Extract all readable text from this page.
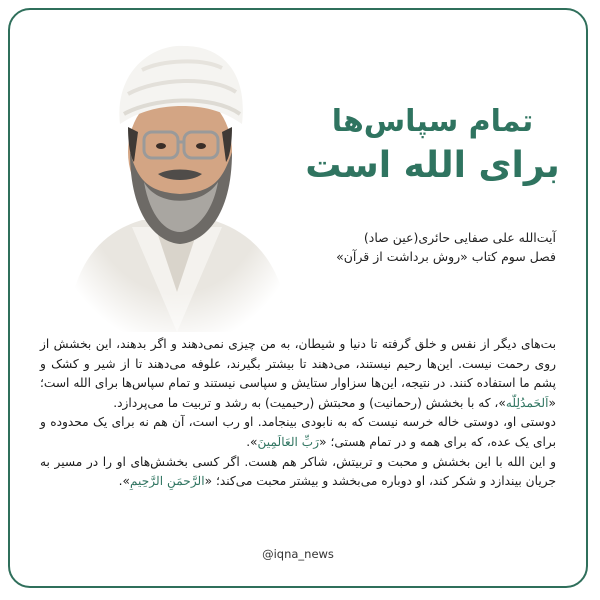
تمام سپاس‌ها
برای الله است
آیت‌الله علی صفایی حائری(عین صاد)
فصل سوم کتاب «روش برداشت از قرآن»

بت‌های دیگر از نفس و خلق گرفته تا دنیا و شیطان، به من چیزی نمی‌دهند و اگر بدهند، این بخشش از روی رحمت نیست. این‌ها رحیم نیستند، می‌دهند تا بیشتر بگیرند، علوفه می‌دهند تا از شیر و کشک و پشم ما استفاده کنند. در نتیجه، این‌ها سزاوار ستایش و سپاسی نیستند و تمام سپاس‌ها برای الله است؛ «اَلحَمدُلِلّه»، که با بخشش (رحمانیت) و محبتش (رحیمیت) به رشد و تربیت ما می‌پردازد.

دوستی او، دوستی خاله خرسه نیست که به نابودی بینجامد. او رب است، آن هم نه برای یک محدوده و برای یک عده، که برای همه و در تمام هستی؛ «رَبِّ العَالَمِینَ».

و این الله با این بخشش و محبت و تربیتش، شاکر هم هست. اگر کسی بخشش‌های او را در مسیر به جریان بیندازد و شکر کند، او دوباره می‌بخشد و بیشتر محبت می‌کند؛ «الرَّحمَنِ الرَّحِیمِ».

@iqna_news
